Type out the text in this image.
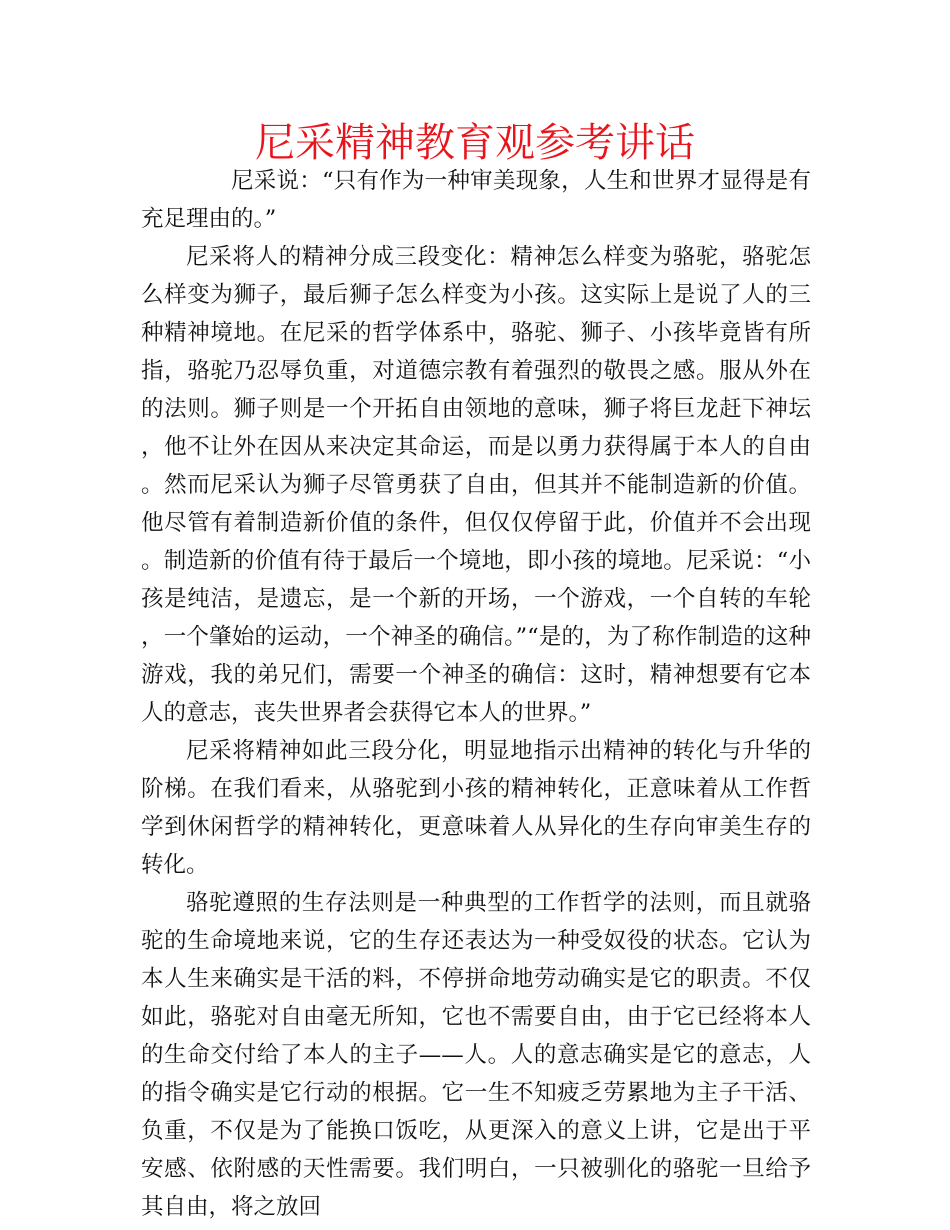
尼采精神教育观参考讲话

尼采说：“只有作为一种审美现象，人生和世界才显得是有充足理由的。”

尼采将人的精神分成三段变化：精神怎么样变为骆驼，骆驼怎么样变为狮子，最后狮子怎么样变为小孩。这实际上是说了人的三种精神境地。在尼采的哲学体系中，骆驼、狮子、小孩毕竟皆有所指，骆驼乃忍辱负重，对道德宗教有着强烈的敬畏之感。服从外在的法则。狮子则是一个开拓自由领地的意味，狮子将巨龙赶下神坛，他不让外在因从来决定其命运，而是以勇力获得属于本人的自由。然而尼采认为狮子尽管勇获了自由，但其并不能制造新的价值。他尽管有着制造新价值的条件，但仅仅停留于此，价值并不会出现。制造新的价值有待于最后一个境地，即小孩的境地。尼采说：“小孩是纯洁，是遗忘，是一个新的开场，一个游戏，一个自转的车轮，一个肇始的运动，一个神圣的确信。”“是的，为了称作制造的这种游戏，我的弟兄们，需要一个神圣的确信：这时，精神想要有它本人的意志，丧失世界者会获得它本人的世界。”

尼采将精神如此三段分化，明显地指示出精神的转化与升华的阶梯。在我们看来，从骆驼到小孩的精神转化，正意味着从工作哲学到休闲哲学的精神转化，更意味着人从异化的生存向审美生存的转化。

骆驼遵照的生存法则是一种典型的工作哲学的法则，而且就骆驼的生命境地来说，它的生存还表达为一种受奴役的状态。它认为本人生来确实是干活的料，不停拼命地劳动确实是它的职责。不仅如此，骆驼对自由毫无所知，它也不需要自由，由于它已经将本人的生命交付给了本人的主子——人。人的意志确实是它的意志，人的指令确实是它行动的根据。它一生不知疲乏劳累地为主子干活、负重，不仅是为了能换口饭吃，从更深入的意义上讲，它是出于平安感、依附感的天性需要。我们明白，一只被驯化的骆驼一旦给予其自由，将之放回
